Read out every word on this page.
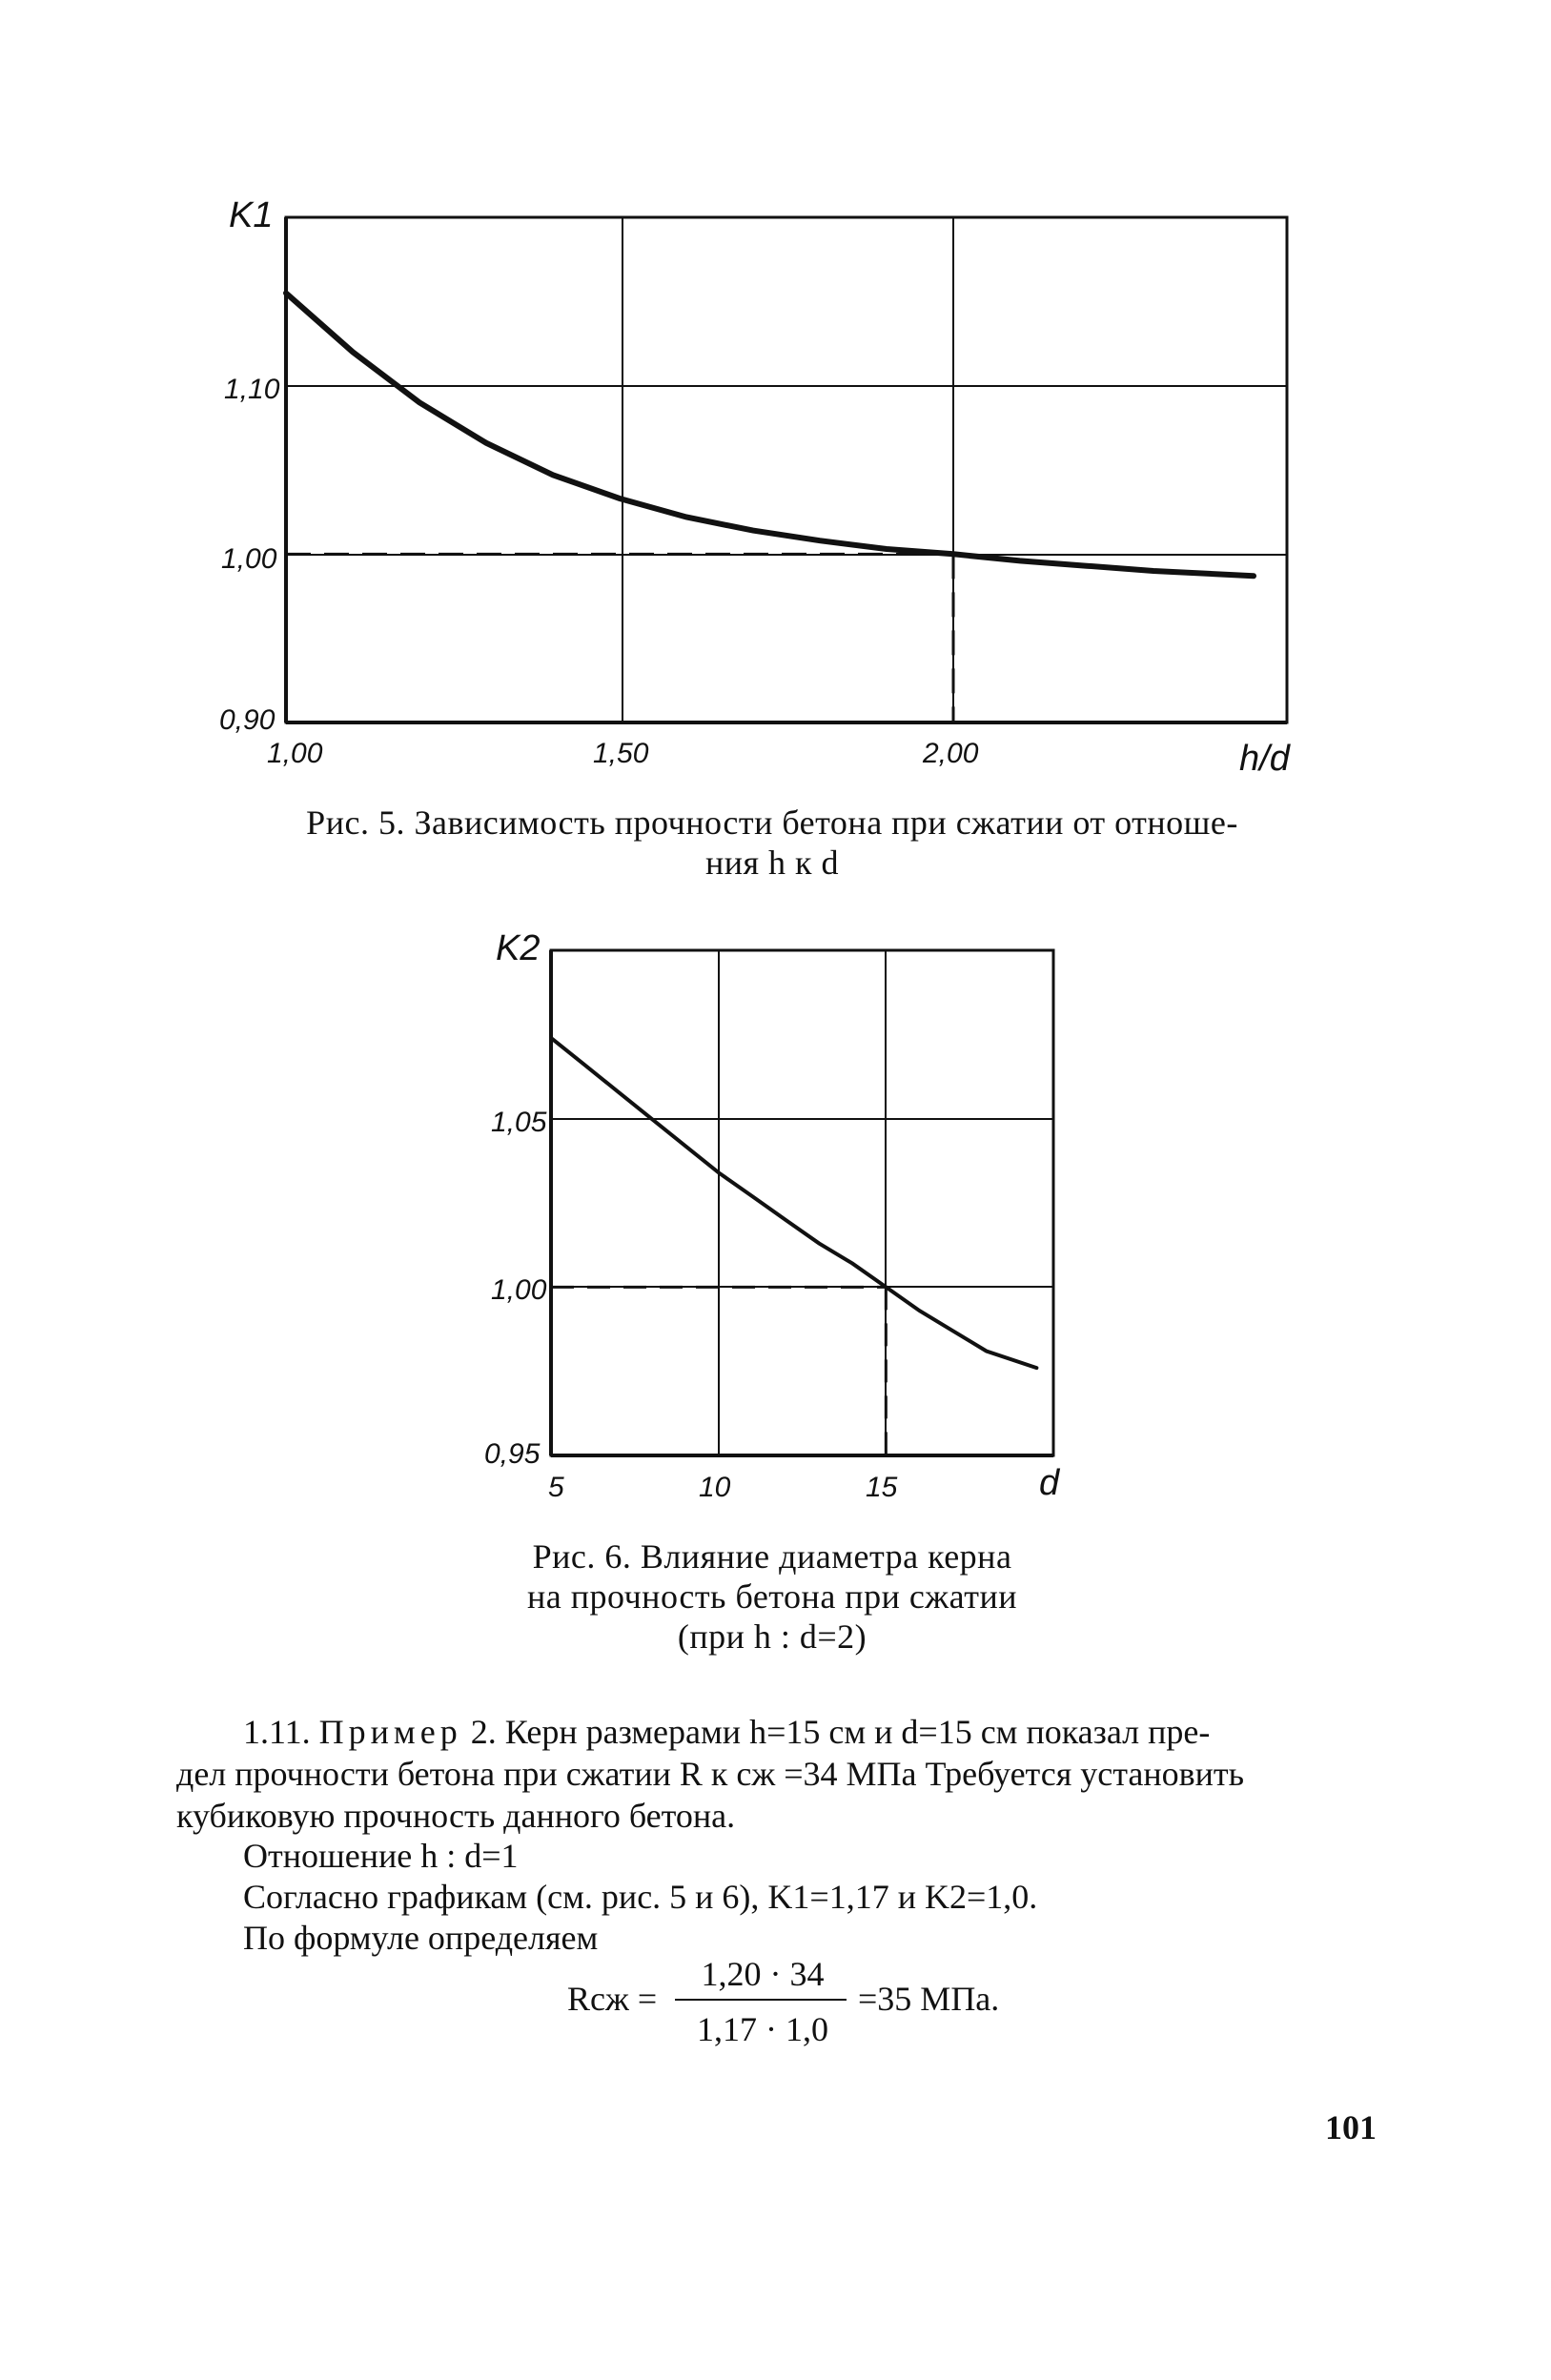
K1
1,10
1,00
0,90
1,00	1,50	2,00	h/d
K2
1,05
1,00
0,95
5	10	15	d
Рис. 5. Зависимость прочности бетона при сжатии от отноше-
ния h к d
Рис. 6. Влияние диаметра керна
на прочность бетона при сжатии
(при h : d=2)
1.11. Пример 2. Керн размерами h=15 см и d=15 см показал пре-
дел прочности бетона при сжатии R к сж =34 МПа Требуется установить
кубиковую прочность данного бетона.
Отношение h : d=1
Согласно графикам (см. рис. 5 и 6), K1=1,17 и K2=1,0.
По формуле определяем
Rсж =
1,20 · 34
1,17 · 1,0
=35 МПа.
101
